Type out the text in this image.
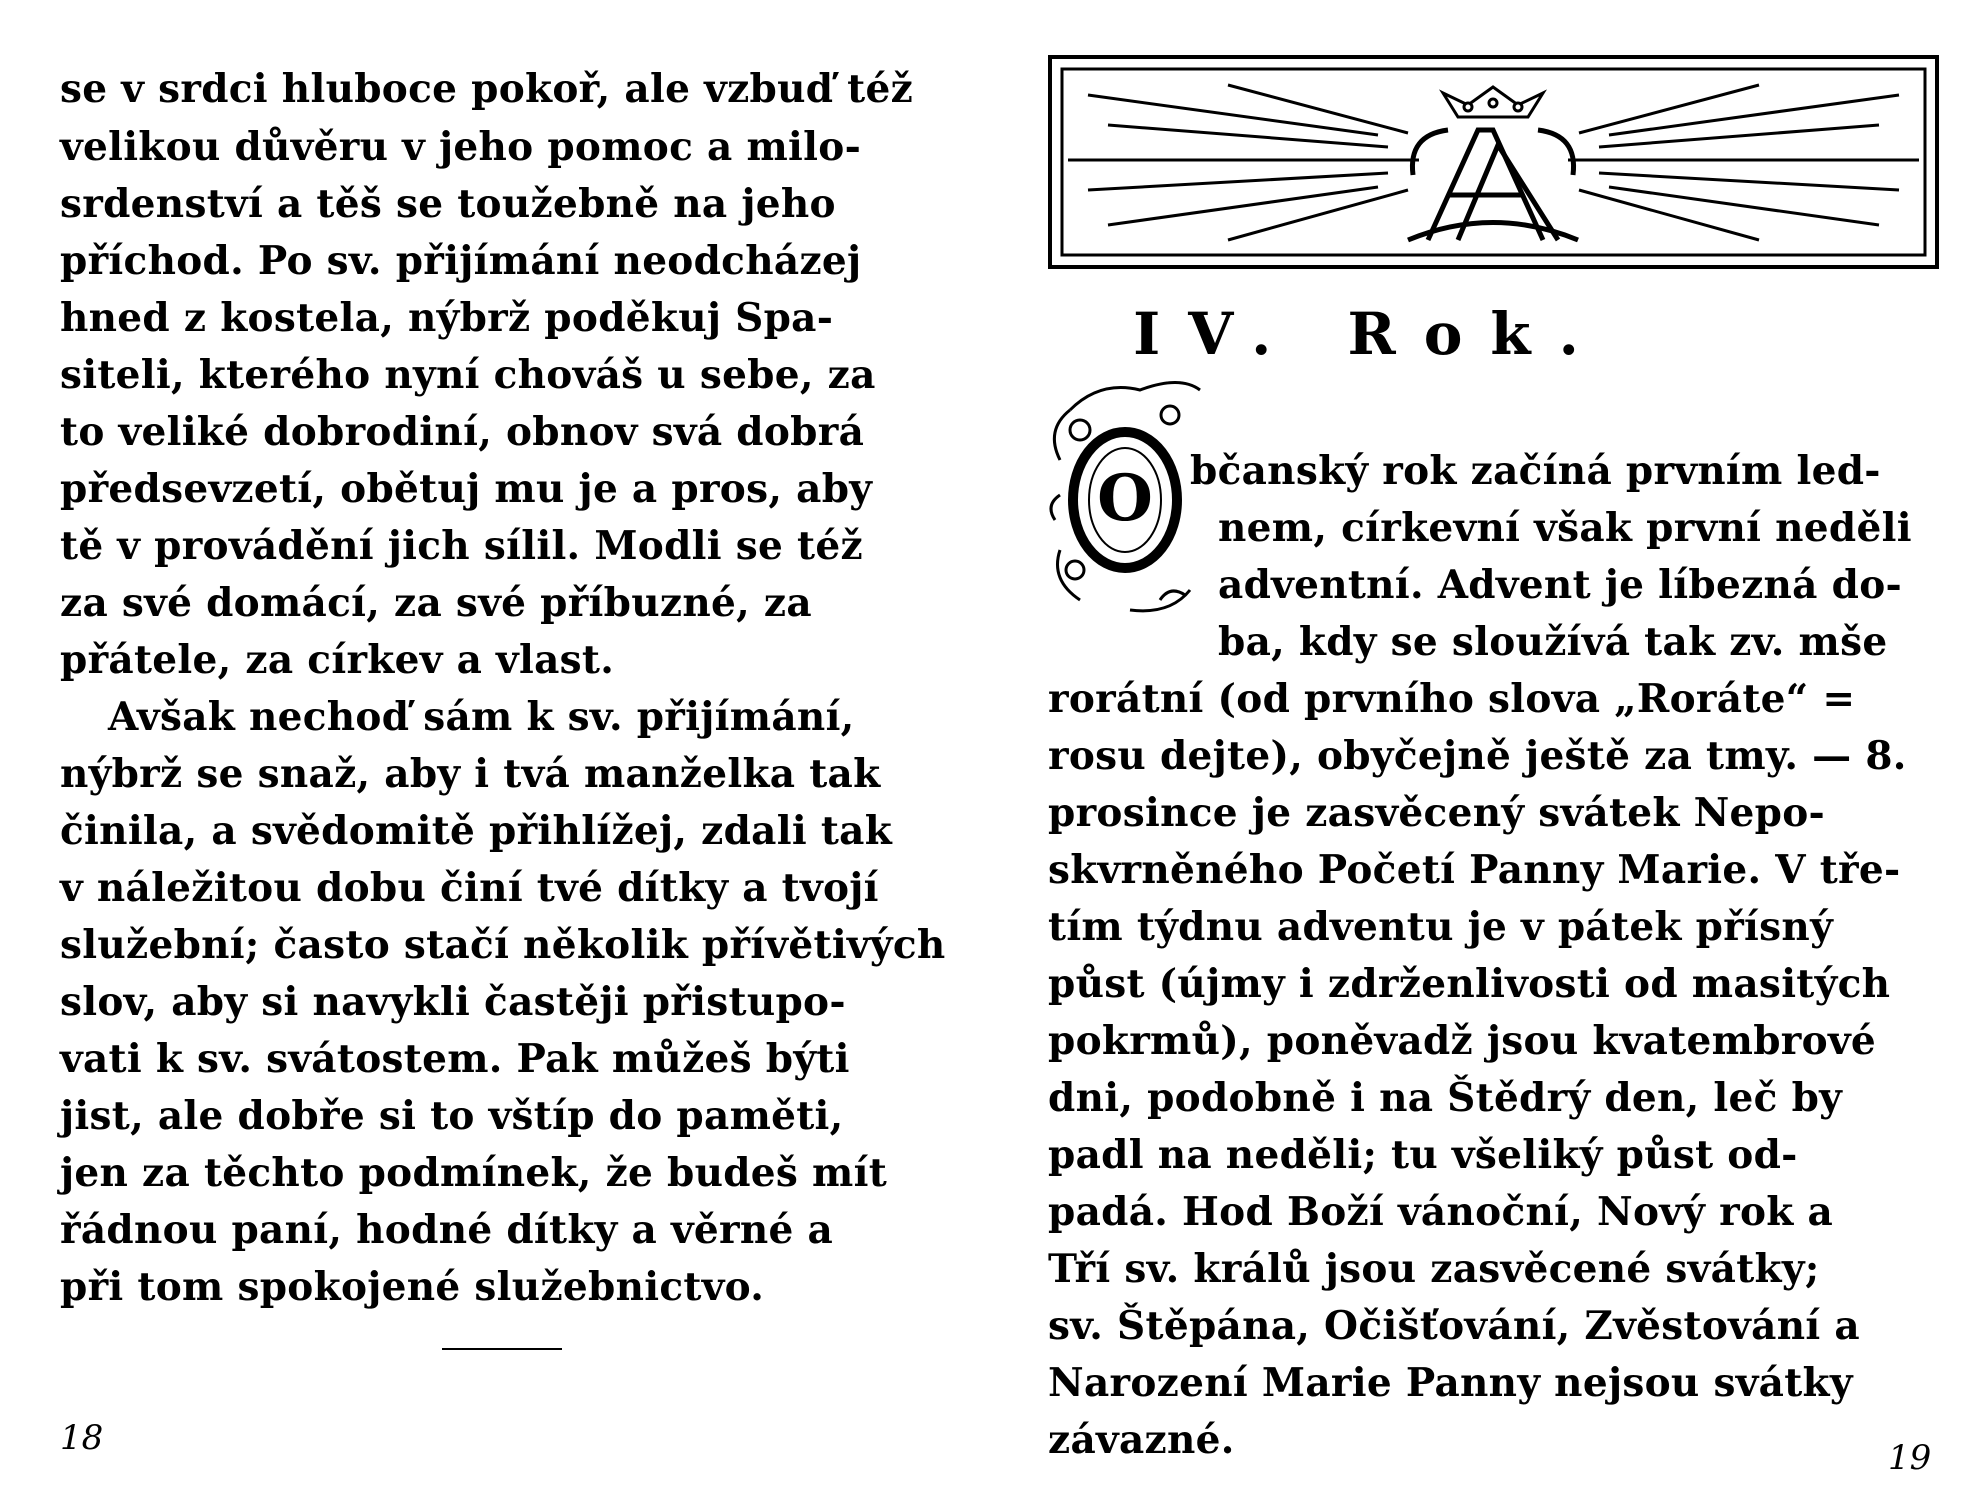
se v srdci hluboce pokoř, ale vzbuď též
velikou důvěru v jeho pomoc a milo-
srdenství a těš se toužebně na jeho
příchod. Po sv. přijímání neodcházej
hned z kostela, nýbrž poděkuj Spa-
siteli, kterého nyní chováš u sebe, za
to veliké dobrodiní, obnov svá dobrá
předsevzetí, obětuj mu je a pros, aby
tě v provádění jich sílil. Modli se též
za své domácí, za své příbuzné, za
přátele, za církev a vlast.
Avšak nechoď sám k sv. přijímání,
nýbrž se snaž, aby i tvá manželka tak
činila, a svědomitě přihlížej, zdali tak
v náležitou dobu činí tvé dítky a tvojí
služební; často stačí několik přívětivých
slov, aby si navykli častěji přistupo-
vati k sv. svátostem. Pak můžeš býti
jist, ale dobře si to vštíp do paměti,
jen za těchto podmínek, že budeš mít
řádnou paní, hodné dítky a věrné a
při tom spokojené služebnictvo.
18
IV. Rok.
O bčanský rok začíná prvním led-
nem, církevní však první neděli
adventní. Advent je líbezná do-
ba, kdy se sloužívá tak zv. mše
rorátní (od prvního slova „Roráte“ =
rosu dejte), obyčejně ještě za tmy. — 8.
prosince je zasvěcený svátek Nepo-
skvrněného Početí Panny Marie. V tře-
tím týdnu adventu je v pátek přísný
půst (újmy i zdrženlivosti od masitých
pokrmů), poněvadž jsou kvatembrové
dni, podobně i na Štědrý den, leč by
padl na neděli; tu všeliký půst od-
padá. Hod Boží vánoční, Nový rok a
Tří sv. králů jsou zasvěcené svátky;
sv. Štěpána, Očišťování, Zvěstování a
Narození Marie Panny nejsou svátky
závazné.	19
